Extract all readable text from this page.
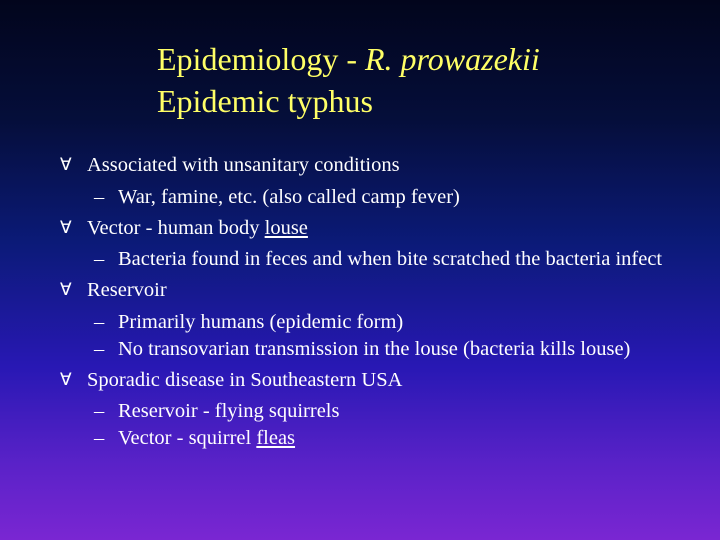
Epidemiology - R. prowazekii
Epidemic typhus
Ɐ Associated with unsanitary conditions
– War, famine, etc. (also called camp fever)
Ɐ Vector - human body louse
– Bacteria found in feces and when bite scratched the bacteria infect
Ɐ Reservoir
– Primarily humans (epidemic form)
– No transovarian transmission in the louse (bacteria kills louse)
Ɐ Sporadic disease in Southeastern USA
– Reservoir - flying squirrels
– Vector - squirrel fleas
